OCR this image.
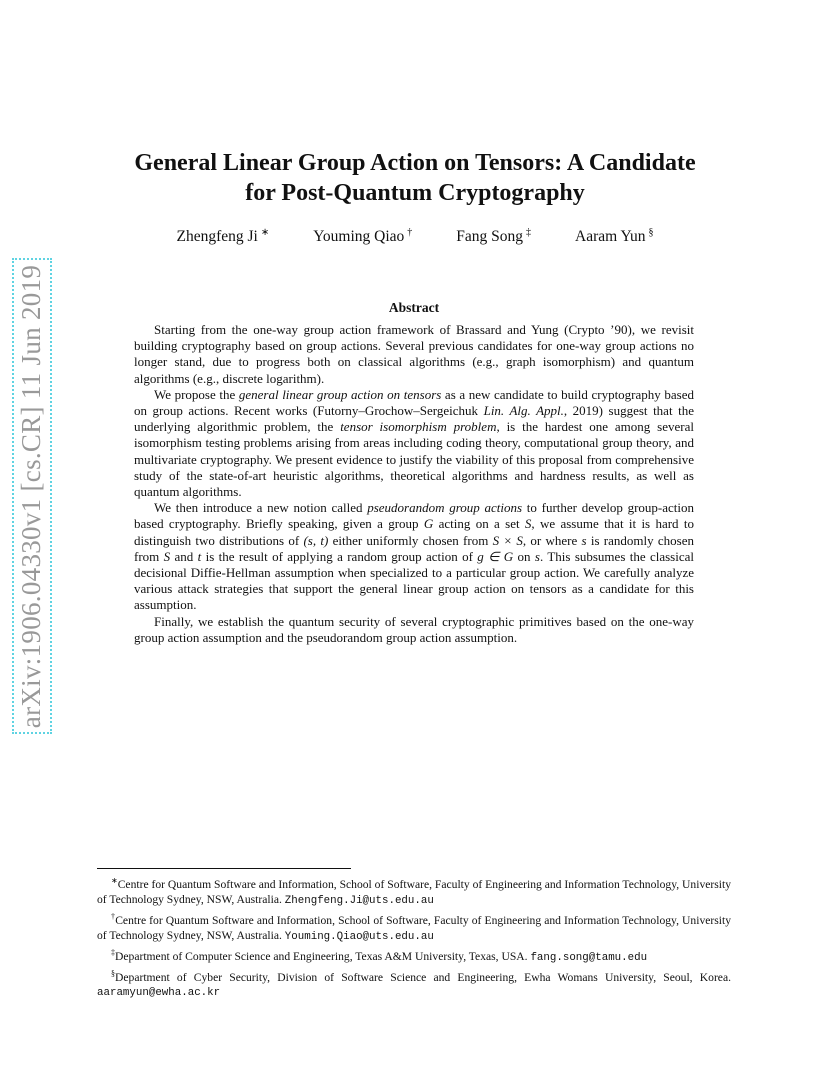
arXiv:1906.04330v1 [cs.CR] 11 Jun 2019
General Linear Group Action on Tensors: A Candidate
for Post-Quantum Cryptography
Zhengfeng Ji ∗	Youming Qiao †	Fang Song ‡	Aaram Yun §
Abstract

Starting from the one-way group action framework of Brassard and Yung (Crypto ’90), we revisit building cryptography based on group actions. Several previous candidates for one-way group actions no longer stand, due to progress both on classical algorithms (e.g., graph isomorphism) and quantum algorithms (e.g., discrete logarithm).

We propose the general linear group action on tensors as a new candidate to build cryptography based on group actions. Recent works (Futorny–Grochow–Sergeichuk Lin. Alg. Appl., 2019) suggest that the underlying algorithmic problem, the tensor isomorphism problem, is the hardest one among several isomorphism testing problems arising from areas including coding theory, computational group theory, and multivariate cryptography. We present evidence to justify the viability of this proposal from comprehensive study of the state-of-art heuristic algorithms, theoretical algorithms and hardness results, as well as quantum algorithms.

We then introduce a new notion called pseudorandom group actions to further develop group-action based cryptography. Briefly speaking, given a group G acting on a set S, we assume that it is hard to distinguish two distributions of (s, t) either uniformly chosen from S × S, or where s is randomly chosen from S and t is the result of applying a random group action of g ∈ G on s. This subsumes the classical decisional Diffie-Hellman assumption when specialized to a particular group action. We carefully analyze various attack strategies that support the general linear group action on tensors as a candidate for this assumption.

Finally, we establish the quantum security of several cryptographic primitives based on the one-way group action assumption and the pseudorandom group action assumption.

∗Centre for Quantum Software and Information, School of Software, Faculty of Engineering and Information Technology, University of Technology Sydney, NSW, Australia. Zhengfeng.Ji@uts.edu.au

†Centre for Quantum Software and Information, School of Software, Faculty of Engineering and Information Technology, University of Technology Sydney, NSW, Australia. Youming.Qiao@uts.edu.au

‡Department of Computer Science and Engineering, Texas A&M University, Texas, USA. fang.song@tamu.edu

§Department of Cyber Security, Division of Software Science and Engineering, Ewha Womans University, Seoul, Korea. aaramyun@ewha.ac.kr
